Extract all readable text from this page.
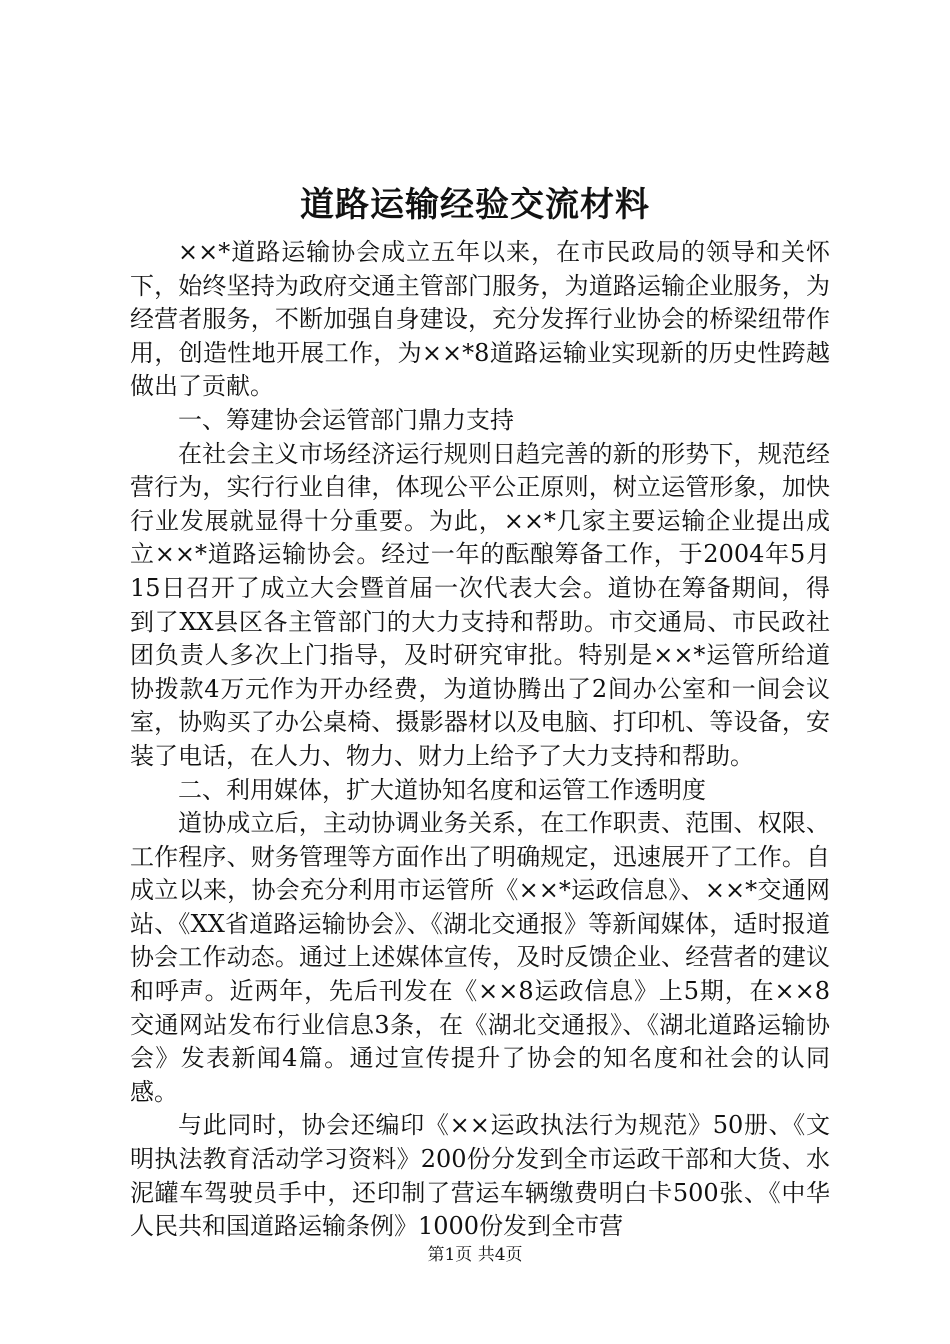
道路运输经验交流材料

××*道路运输协会成立五年以来，在市民政局的领导和关怀下，始终坚持为政府交通主管部门服务，为道路运输企业服务，为经营者服务，不断加强自身建设，充分发挥行业协会的桥梁纽带作用，创造性地开展工作，为××*8道路运输业实现新的历史性跨越做出了贡献。

一、筹建协会运管部门鼎力支持

在社会主义市场经济运行规则日趋完善的新的形势下，规范经营行为，实行行业自律，体现公平公正原则，树立运管形象，加快行业发展就显得十分重要。为此，××*几家主要运输企业提出成立××*道路运输协会。经过一年的酝酿筹备工作，于2004年5月15日召开了成立大会暨首届一次代表大会。道协在筹备期间，得到了XX县区各主管部门的大力支持和帮助。市交通局、市民政社团负责人多次上门指导，及时研究审批。特别是××*运管所给道协拨款4万元作为开办经费，为道协腾出了2间办公室和一间会议室，协购买了办公桌椅、摄影器材以及电脑、打印机、等设备，安装了电话，在人力、物力、财力上给予了大力支持和帮助。

二、利用媒体，扩大道协知名度和运管工作透明度

道协成立后，主动协调业务关系，在工作职责、范围、权限、工作程序、财务管理等方面作出了明确规定，迅速展开了工作。自成立以来，协会充分利用市运管所《××*运政信息》、××*交通网站、《XX省道路运输协会》、《湖北交通报》等新闻媒体，适时报道协会工作动态。通过上述媒体宣传，及时反馈企业、经营者的建议和呼声。近两年，先后刊发在《××8运政信息》上5期，在××8交通网站发布行业信息3条，在《湖北交通报》、《湖北道路运输协会》发表新闻4篇。通过宣传提升了协会的知名度和社会的认同感。

与此同时，协会还编印《××运政执法行为规范》50册、《文明执法教育活动学习资料》200份分发到全市运政干部和大货、水泥罐车驾驶员手中，还印制了营运车辆缴费明白卡500张、《中华人民共和国道路运输条例》1000份发到全市营

第1页 共4页
